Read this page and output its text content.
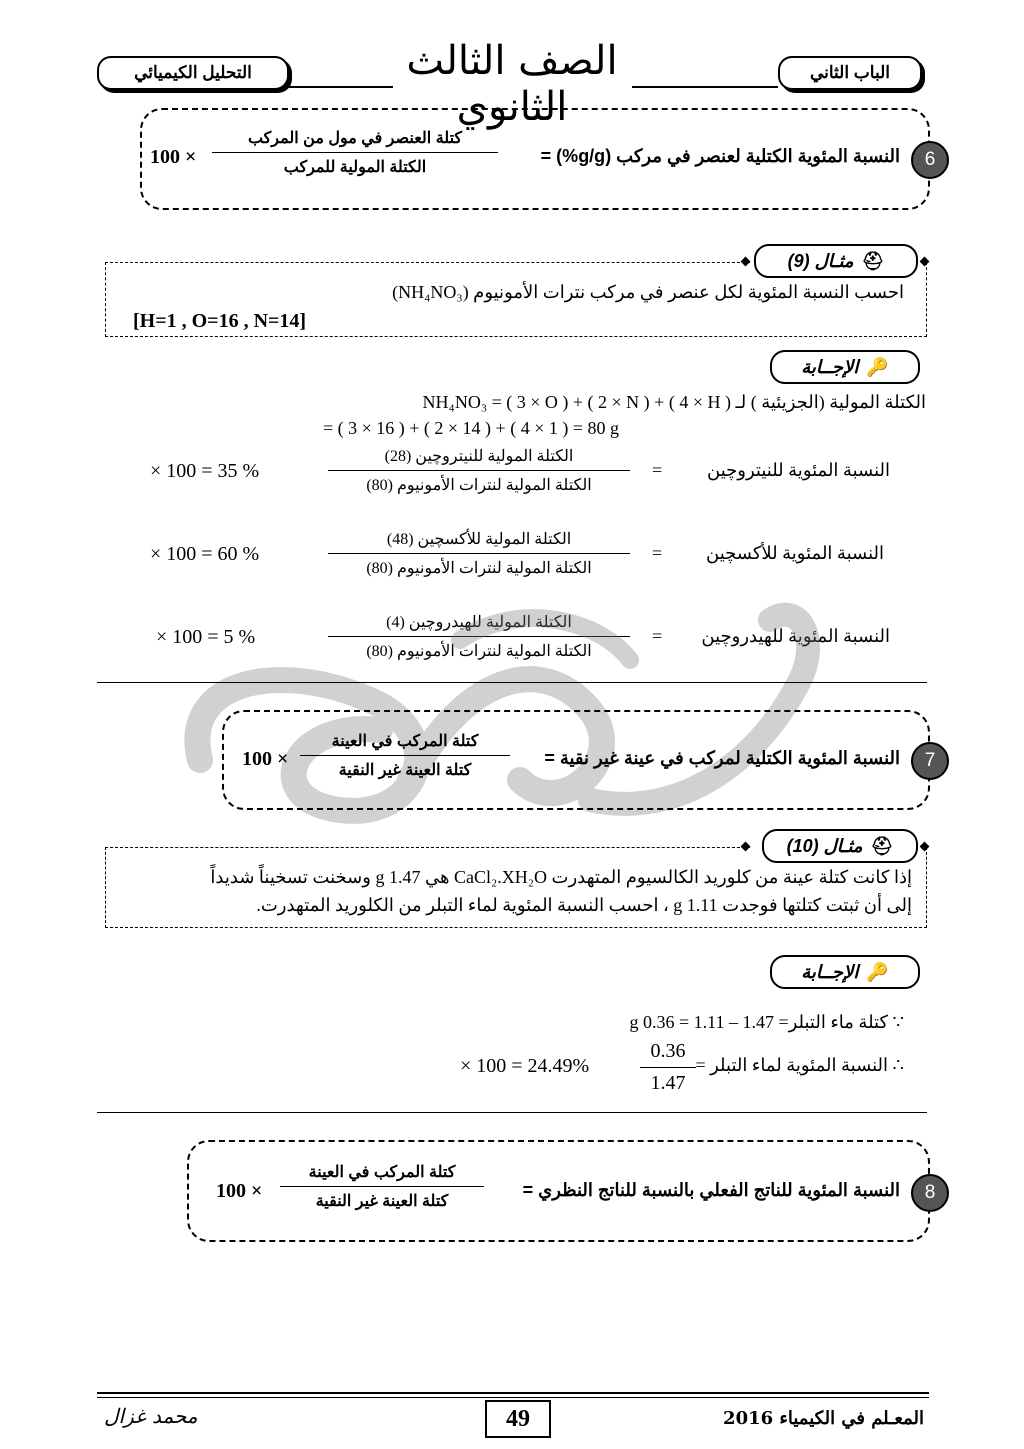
التحليل الكيميائي	الصف الثالث الثانوي
الباب الثاني
6
النسبة المئوية الكتلية لعنصر في مركب (g/g%) =
كتلة العنصر في مول من المركب
الكتلة المولية للمركب
100 ×
مثـال (9) ⛑
احسب النسبة المئوية لكل عنصر في مركب نترات الأمونيوم (NH₄NO₃)
[H=1 , O=16 , N=14]
الإجــابة 🔑
الكتلة المولية (الجزيئية ) لـ NH₄NO₃ = ( 3 × O ) + ( 2 × N ) + ( 4 × H )
= ( 3 × 16 ) + ( 2 × 14 ) + ( 4 × 1 ) = 80 g
النسبة المئوية للنيتروچين
=
الكتلة المولية للنيتروچين (28)
الكتلة المولية لنترات الأمونيوم (80)
× 100 = 35 %
النسبة المئوية للأكسچين
=
الكتلة المولية للأكسچين (48)
الكتلة المولية لنترات الأمونيوم (80)
× 100 = 60 %
النسبة المئوية للهيدروچين
=
الكتلة المولية للهيدروچين (4)
الكتلة المولية لنترات الأمونيوم (80)
× 100 = 5 %
7
النسبة المئوية الكتلية لمركب في عينة غير نقية =
كتلة المركب في العينة
كتلة العينة غير النقية
100 ×
مثـال (10) ⛑
إذا كانت كتلة عينة من كلوريد الكالسيوم المتهدرت CaCl₂.XH₂O هي 1.47 g وسخنت تسخيناً شديداً
إلى أن ثبتت كتلتها فوجدت 1.11 g ، احسب النسبة المئوية لماء التبلر من الكلوريد المتهدرت.
الإجــابة 🔑
∵ كتلة ماء التبلر= 1.47 – 1.11 = 0.36 g
∴ النسبة المئوية لماء التبلر =
$\frac{0.36}{1.47}$
× 100 = 24.49%
8
النسبة المئوية للناتج الفعلي بالنسبة للناتج النظري =
كتلة المركب في العينة
كتلة العينة غير النقية
100 ×
49	المعـلم في الكيمياء 2016
محمد غزال
